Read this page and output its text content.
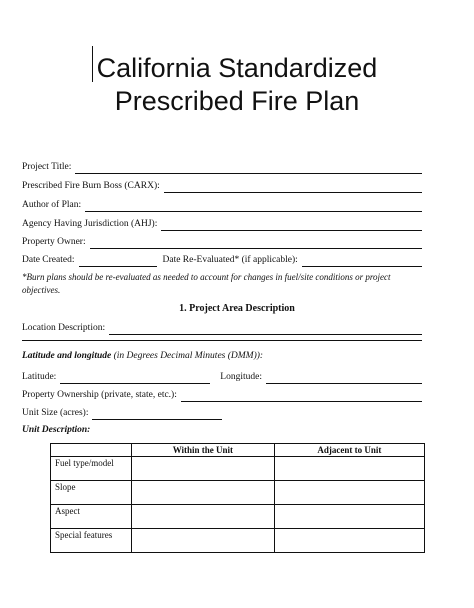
California Standardized
Prescribed Fire Plan
Project Title:
Prescribed Fire Burn Boss (CARX):
Author of Plan:
Agency Having Jurisdiction (AHJ):
Property Owner:
Date Created:	Date Re-Evaluated* (if applicable):
*Burn plans should be re-evaluated as needed to account for changes in fuel/site conditions or project objectives.
1. Project Area Description
Location Description:
Latitude and longitude (in Degrees Decimal Minutes (DMM)):
Latitude:	Longitude:
Property Ownership (private, state, etc.):
Unit Size (acres):
Unit Description:
	Within the Unit	Adjacent to Unit
Fuel type/model		
Slope		
Aspect		
Special features		
